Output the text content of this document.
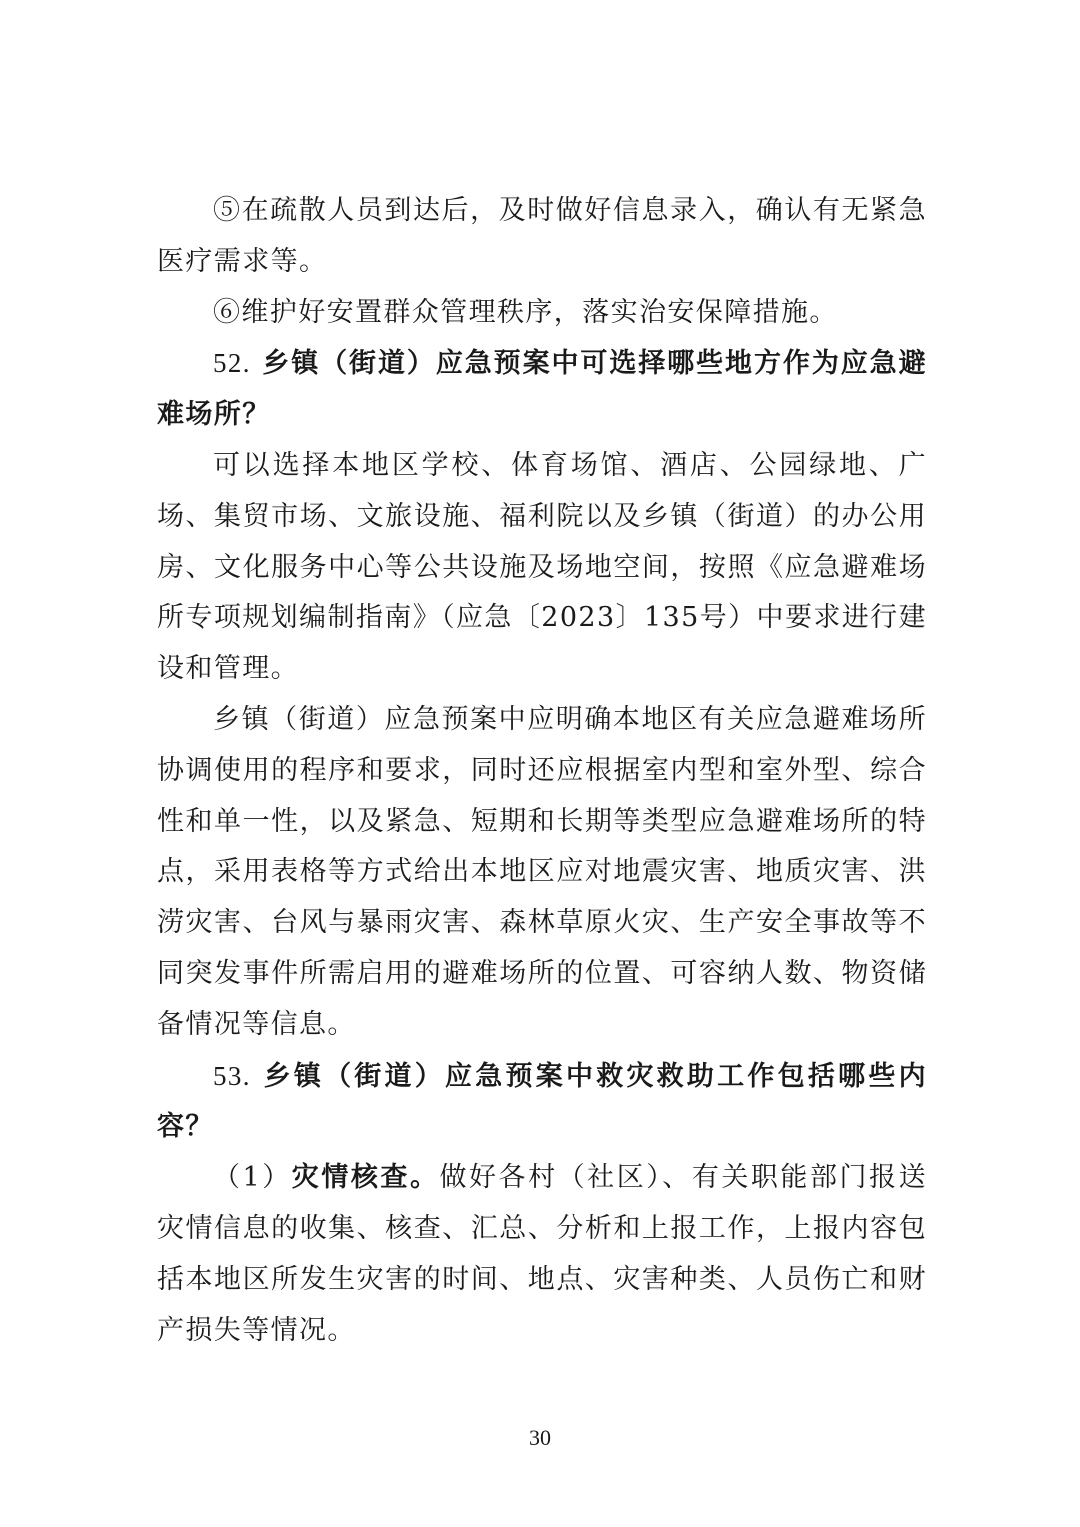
⑤在疏散人员到达后，及时做好信息录入，确认有无紧急医疗需求等。

⑥维护好安置群众管理秩序，落实治安保障措施。

52. 乡镇（街道）应急预案中可选择哪些地方作为应急避难场所？

可以选择本地区学校、体育场馆、酒店、公园绿地、广场、集贸市场、文旅设施、福利院以及乡镇（街道）的办公用房、文化服务中心等公共设施及场地空间，按照《应急避难场所专项规划编制指南》（应急〔2023〕135号）中要求进行建设和管理。

乡镇（街道）应急预案中应明确本地区有关应急避难场所协调使用的程序和要求，同时还应根据室内型和室外型、综合性和单一性，以及紧急、短期和长期等类型应急避难场所的特点，采用表格等方式给出本地区应对地震灾害、地质灾害、洪涝灾害、台风与暴雨灾害、森林草原火灾、生产安全事故等不同突发事件所需启用的避难场所的位置、可容纳人数、物资储备情况等信息。

53. 乡镇（街道）应急预案中救灾救助工作包括哪些内容？

（1）灾情核查。做好各村（社区）、有关职能部门报送灾情信息的收集、核查、汇总、分析和上报工作，上报内容包括本地区所发生灾害的时间、地点、灾害种类、人员伤亡和财产损失等情况。

30
